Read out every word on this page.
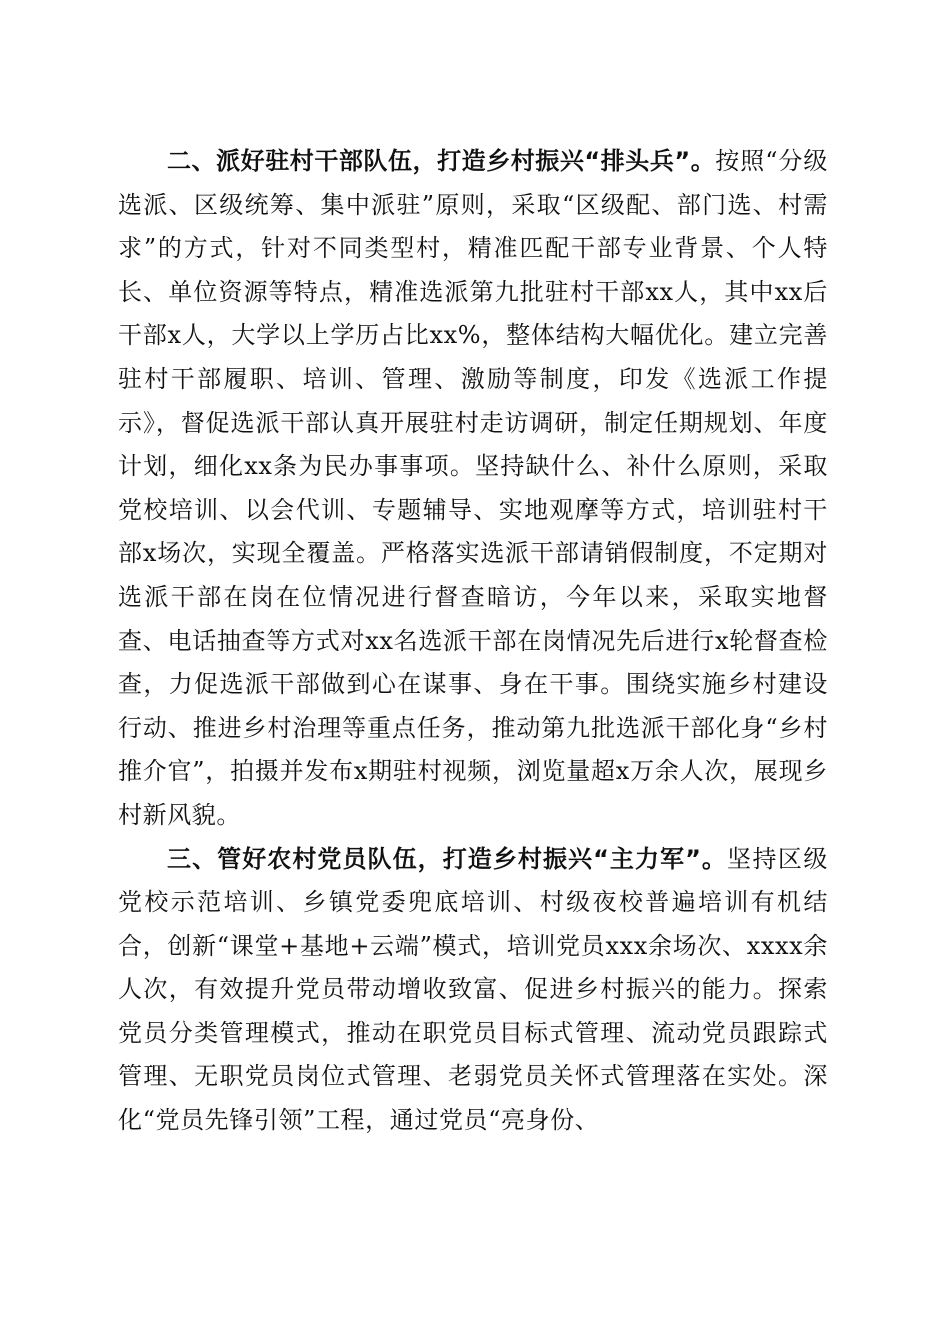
二、派好驻村干部队伍，打造乡村振兴“排头兵”。按照“分级选派、区级统筹、集中派驻”原则，采取“区级配、部门选、村需求”的方式，针对不同类型村，精准匹配干部专业背景、个人特长、单位资源等特点，精准选派第九批驻村干部xx人，其中xx后干部x人，大学以上学历占比xx%，整体结构大幅优化。建立完善驻村干部履职、培训、管理、激励等制度，印发《选派工作提示》，督促选派干部认真开展驻村走访调研，制定任期规划、年度计划，细化xx条为民办事事项。坚持缺什么、补什么原则，采取党校培训、以会代训、专题辅导、实地观摩等方式，培训驻村干部x场次，实现全覆盖。严格落实选派干部请销假制度，不定期对选派干部在岗在位情况进行督查暗访，今年以来，采取实地督查、电话抽查等方式对xx名选派干部在岗情况先后进行x轮督查检查，力促选派干部做到心在谋事、身在干事。围绕实施乡村建设行动、推进乡村治理等重点任务，推动第九批选派干部化身“乡村推介官”，拍摄并发布x期驻村视频，浏览量超x万余人次，展现乡村新风貌。

三、管好农村党员队伍，打造乡村振兴“主力军”。坚持区级党校示范培训、乡镇党委兜底培训、村级夜校普遍培训有机结合，创新“课堂+基地+云端”模式，培训党员xxx余场次、xxxx余人次，有效提升党员带动增收致富、促进乡村振兴的能力。探索党员分类管理模式，推动在职党员目标式管理、流动党员跟踪式管理、无职党员岗位式管理、老弱党员关怀式管理落在实处。深化“党员先锋引领”工程，通过党员“亮身份、
